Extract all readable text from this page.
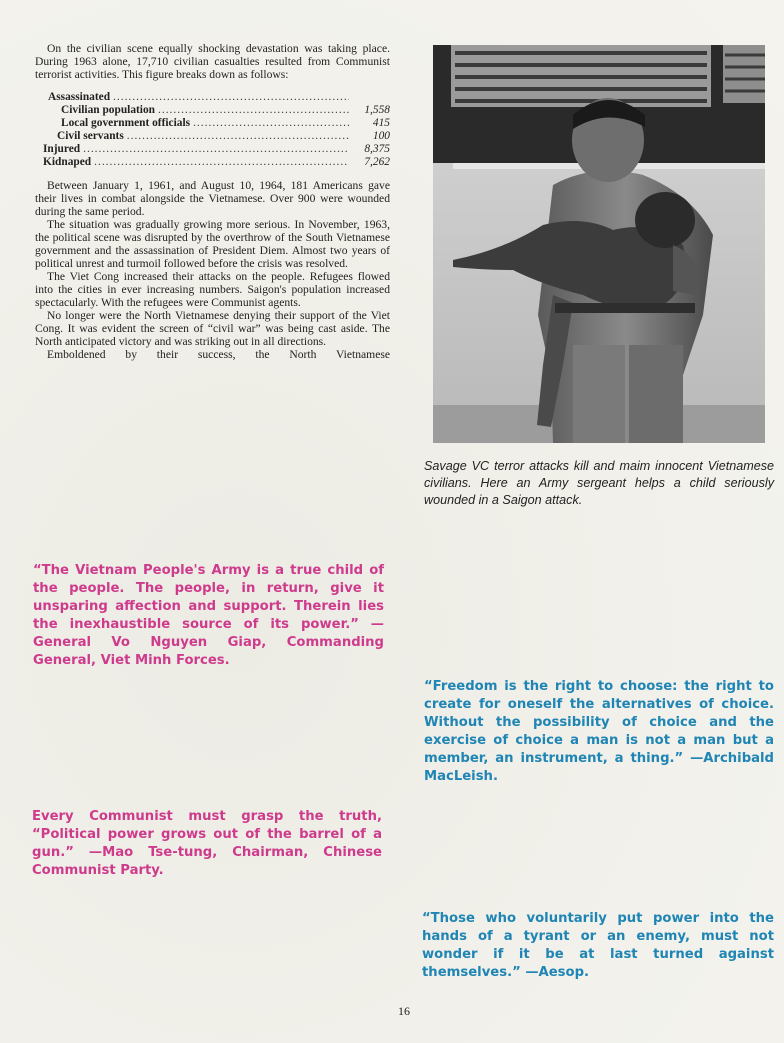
On the civilian scene equally shocking devastation was taking place. During 1963 alone, 17,710 civilian casualties resulted from Communist terrorist activities. This figure breaks down as follows:

Assassinated
.....
Civilian population .....	1,558
Local government officials .....	415
Civil servants .....	100
Injured .....	8,375
Kidnaped .....	7,262

Between January 1, 1961, and August 10, 1964, 181 Americans gave their lives in combat alongside the Vietnamese. Over 900 were wounded during the same period.

The situation was gradually growing more serious. In November, 1963, the political scene was disrupted by the overthrow of the South Vietnamese government and the assassination of President Diem. Almost two years of political unrest and turmoil followed before the crisis was resolved.

The Viet Cong increased their attacks on the people. Refugees flowed into the cities in ever increasing numbers. Saigon's population increased spectacularly. With the refugees were Communist agents.

No longer were the North Vietnamese denying their support of the Viet Cong. It was evident the screen of “civil war” was being cast aside. The North anticipated victory and was striking out in all directions.

Emboldened by their success, the North Vietnamese

Savage VC terror attacks kill and maim innocent Vietnamese civilians. Here an Army sergeant helps a child seriously wounded in a Saigon attack.

“The Vietnam People's Army is a true child of the people. The people, in return, give it unsparing affection and support. Therein lies the inexhaustible source of its power.” —General Vo Nguyen Giap, Commanding General, Viet Minh Forces.

“Freedom is the right to choose: the right to create for oneself the alternatives of choice. Without the possibility of choice and the exercise of choice a man is not a man but a member, an instrument, a thing.” —Archibald MacLeish.

Every Communist must grasp the truth, “Political power grows out of the barrel of a gun.” —Mao Tse-tung, Chairman, Chinese Communist Party.

“Those who voluntarily put power into the hands of a tyrant or an enemy, must not wonder if it be at last turned against themselves.” —Aesop.

16
